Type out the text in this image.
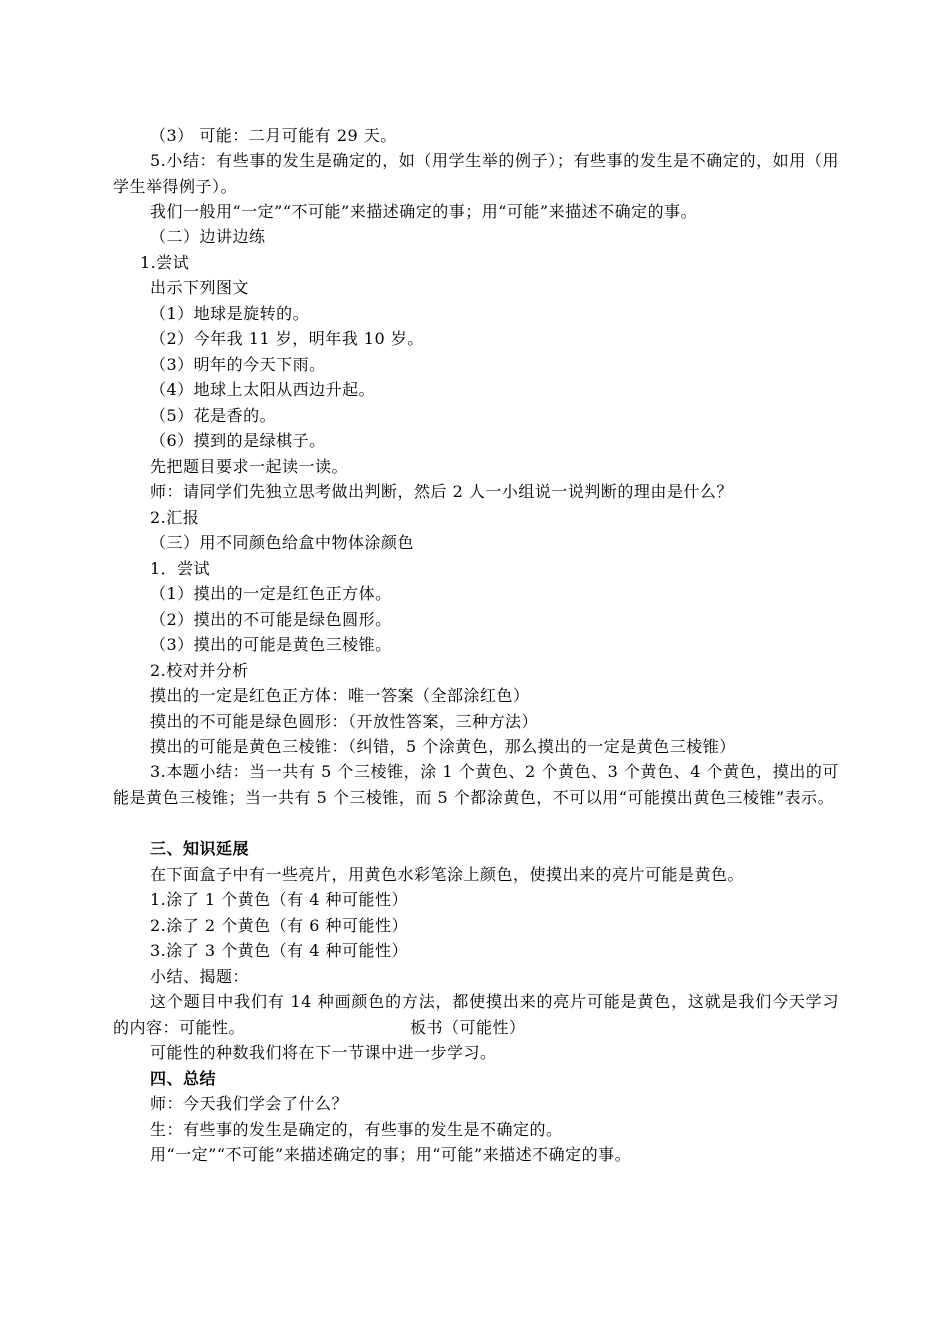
（3） 可能：二月可能有 29 天。
5.小结：有些事的发生是确定的，如（用学生举的例子）；有些事的发生是不确定的，如用（用学生举得例子）。
我们一般用“一定”“不可能”来描述确定的事；用“可能”来描述不确定的事。
（二）边讲边练
1.尝试
出示下列图文
（1）地球是旋转的。
（2）今年我 11 岁，明年我 10 岁。
（3）明年的今天下雨。
（4）地球上太阳从西边升起。
（5）花是香的。
（6）摸到的是绿棋子。
先把题目要求一起读一读。
师：请同学们先独立思考做出判断，然后 2 人一小组说一说判断的理由是什么？
2.汇报
（三）用不同颜色给盒中物体涂颜色
1．尝试
（1）摸出的一定是红色正方体。
（2）摸出的不可能是绿色圆形。
（3）摸出的可能是黄色三棱锥。
2.校对并分析
摸出的一定是红色正方体：唯一答案（全部涂红色）
摸出的不可能是绿色圆形：（开放性答案，三种方法）
摸出的可能是黄色三棱锥：（纠错，5 个涂黄色，那么摸出的一定是黄色三棱锥）
3.本题小结：当一共有 5 个三棱锥，涂 1 个黄色、2 个黄色、3 个黄色、4 个黄色，摸出的可能是黄色三棱锥；当一共有 5 个三棱锥，而 5 个都涂黄色，不可以用“可能摸出黄色三棱锥”表示。
三、知识延展
在下面盒子中有一些亮片，用黄色水彩笔涂上颜色，使摸出来的亮片可能是黄色。
1.涂了 1 个黄色（有 4 种可能性）
2.涂了 2 个黄色（有 6 种可能性）
3.涂了 3 个黄色（有 4 种可能性）
小结、揭题：
这个题目中我们有 14 种画颜色的方法，都使摸出来的亮片可能是黄色，这就是我们今天学习的内容：可能性。	板书（可能性）
可能性的种数我们将在下一节课中进一步学习。
四、总结
师：今天我们学会了什么？
生：有些事的发生是确定的，有些事的发生是不确定的。
用“一定”“不可能”来描述确定的事；用“可能”来描述不确定的事。
